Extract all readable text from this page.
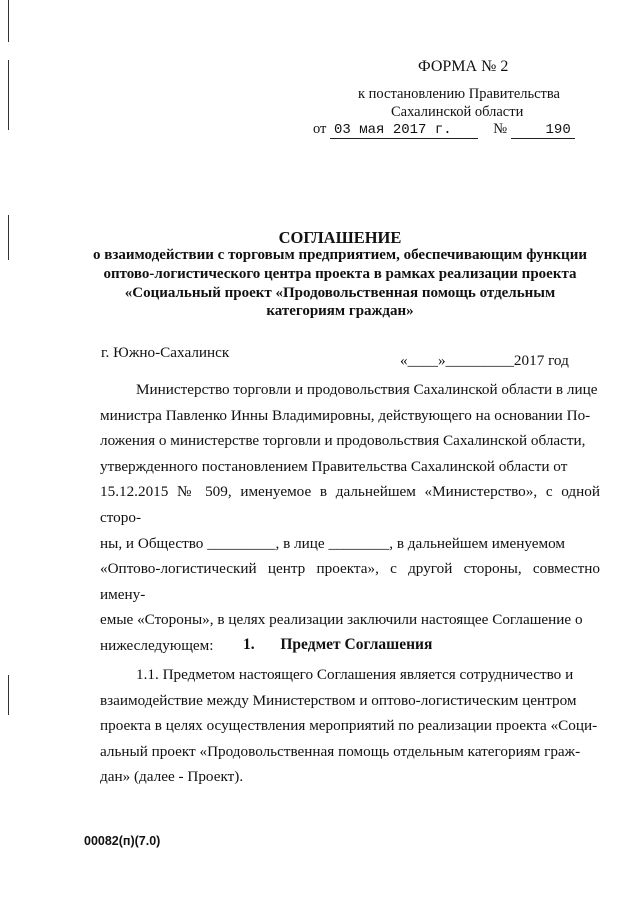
ФОРМА № 2
к постановлению Правительства
Сахалинской области
от 03 мая 2017 г.	№	190
СОГЛАШЕНИЕ
о взаимодействии с торговым предприятием, обеспечивающим функции
оптово-логистического центра проекта в рамках реализации проекта
«Социальный проект «Продовольственная помощь отдельным
категориям граждан»
г. Южно-Сахалинск	«____»_________2017 год

Министерство торговли и продовольствия Сахалинской области в лице

министра Павленко Инны Владимировны, действующего на основании По-

ложения о министерстве торговли и продовольствия Сахалинской области,

утвержденного постановлением Правительства Сахалинской области от

15.12.2015 № 509, именуемое в дальнейшем «Министерство», с одной сторо-

ны, и Общество _________, в лице ________, в дальнейшем именуемом

«Оптово-логистический центр проекта», с другой стороны, совместно имену-

емые «Стороны», в целях реализации заключили настоящее Соглашение о

нижеследующем:	1. Предмет Соглашения

1.1. Предметом настоящего Соглашения является сотрудничество и

взаимодействие между Министерством и оптово-логистическим центром

проекта в целях осуществления мероприятий по реализации проекта «Соци-

альный проект «Продовольственная помощь отдельным категориям граж-

дан» (далее - Проект).

00082(п)(7.0)
